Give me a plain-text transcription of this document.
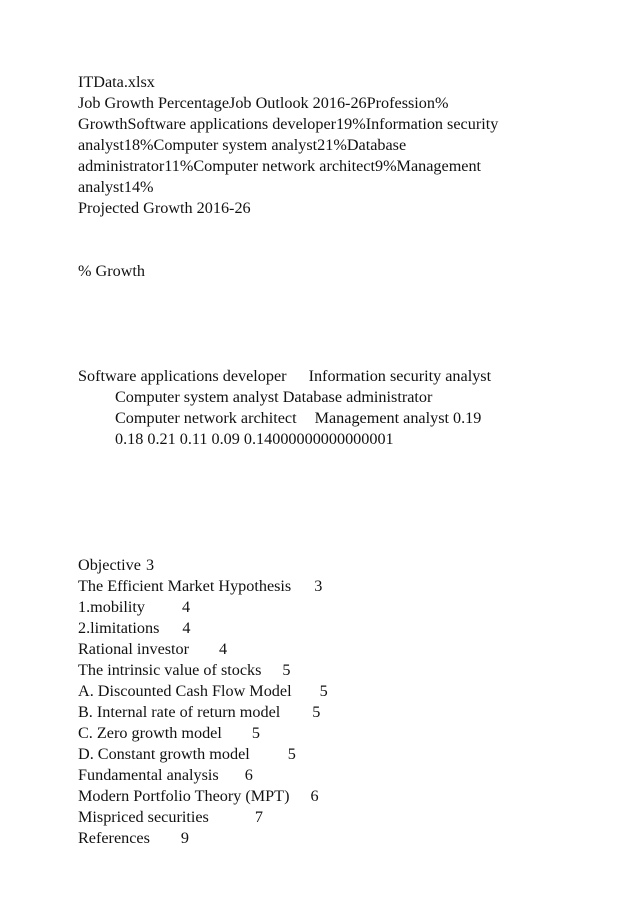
ITData.xlsx
Job Growth PercentageJob Outlook 2016-26Profession%
GrowthSoftware applications developer19%Information security
analyst18%Computer system analyst21%Database
administrator11%Computer network architect9%Management
analyst14%
Projected Growth 2016-26
% Growth
Software applications developer Information security analyst
Computer system analyst Database administrator
Computer network architect Management analyst 0.19
0.18 0.21 0.11 0.09 0.14000000000000001
Objective 3
The Efficient Market Hypothesis 3
1.mobility 4
2.limitations 4
Rational investor 4
The intrinsic value of stocks 5
A. Discounted Cash Flow Model 5
B. Internal rate of return model 5
C. Zero growth model 5
D. Constant growth model 5
Fundamental analysis 6
Modern Portfolio Theory (MPT) 6
Mispriced securities	7
References 9
